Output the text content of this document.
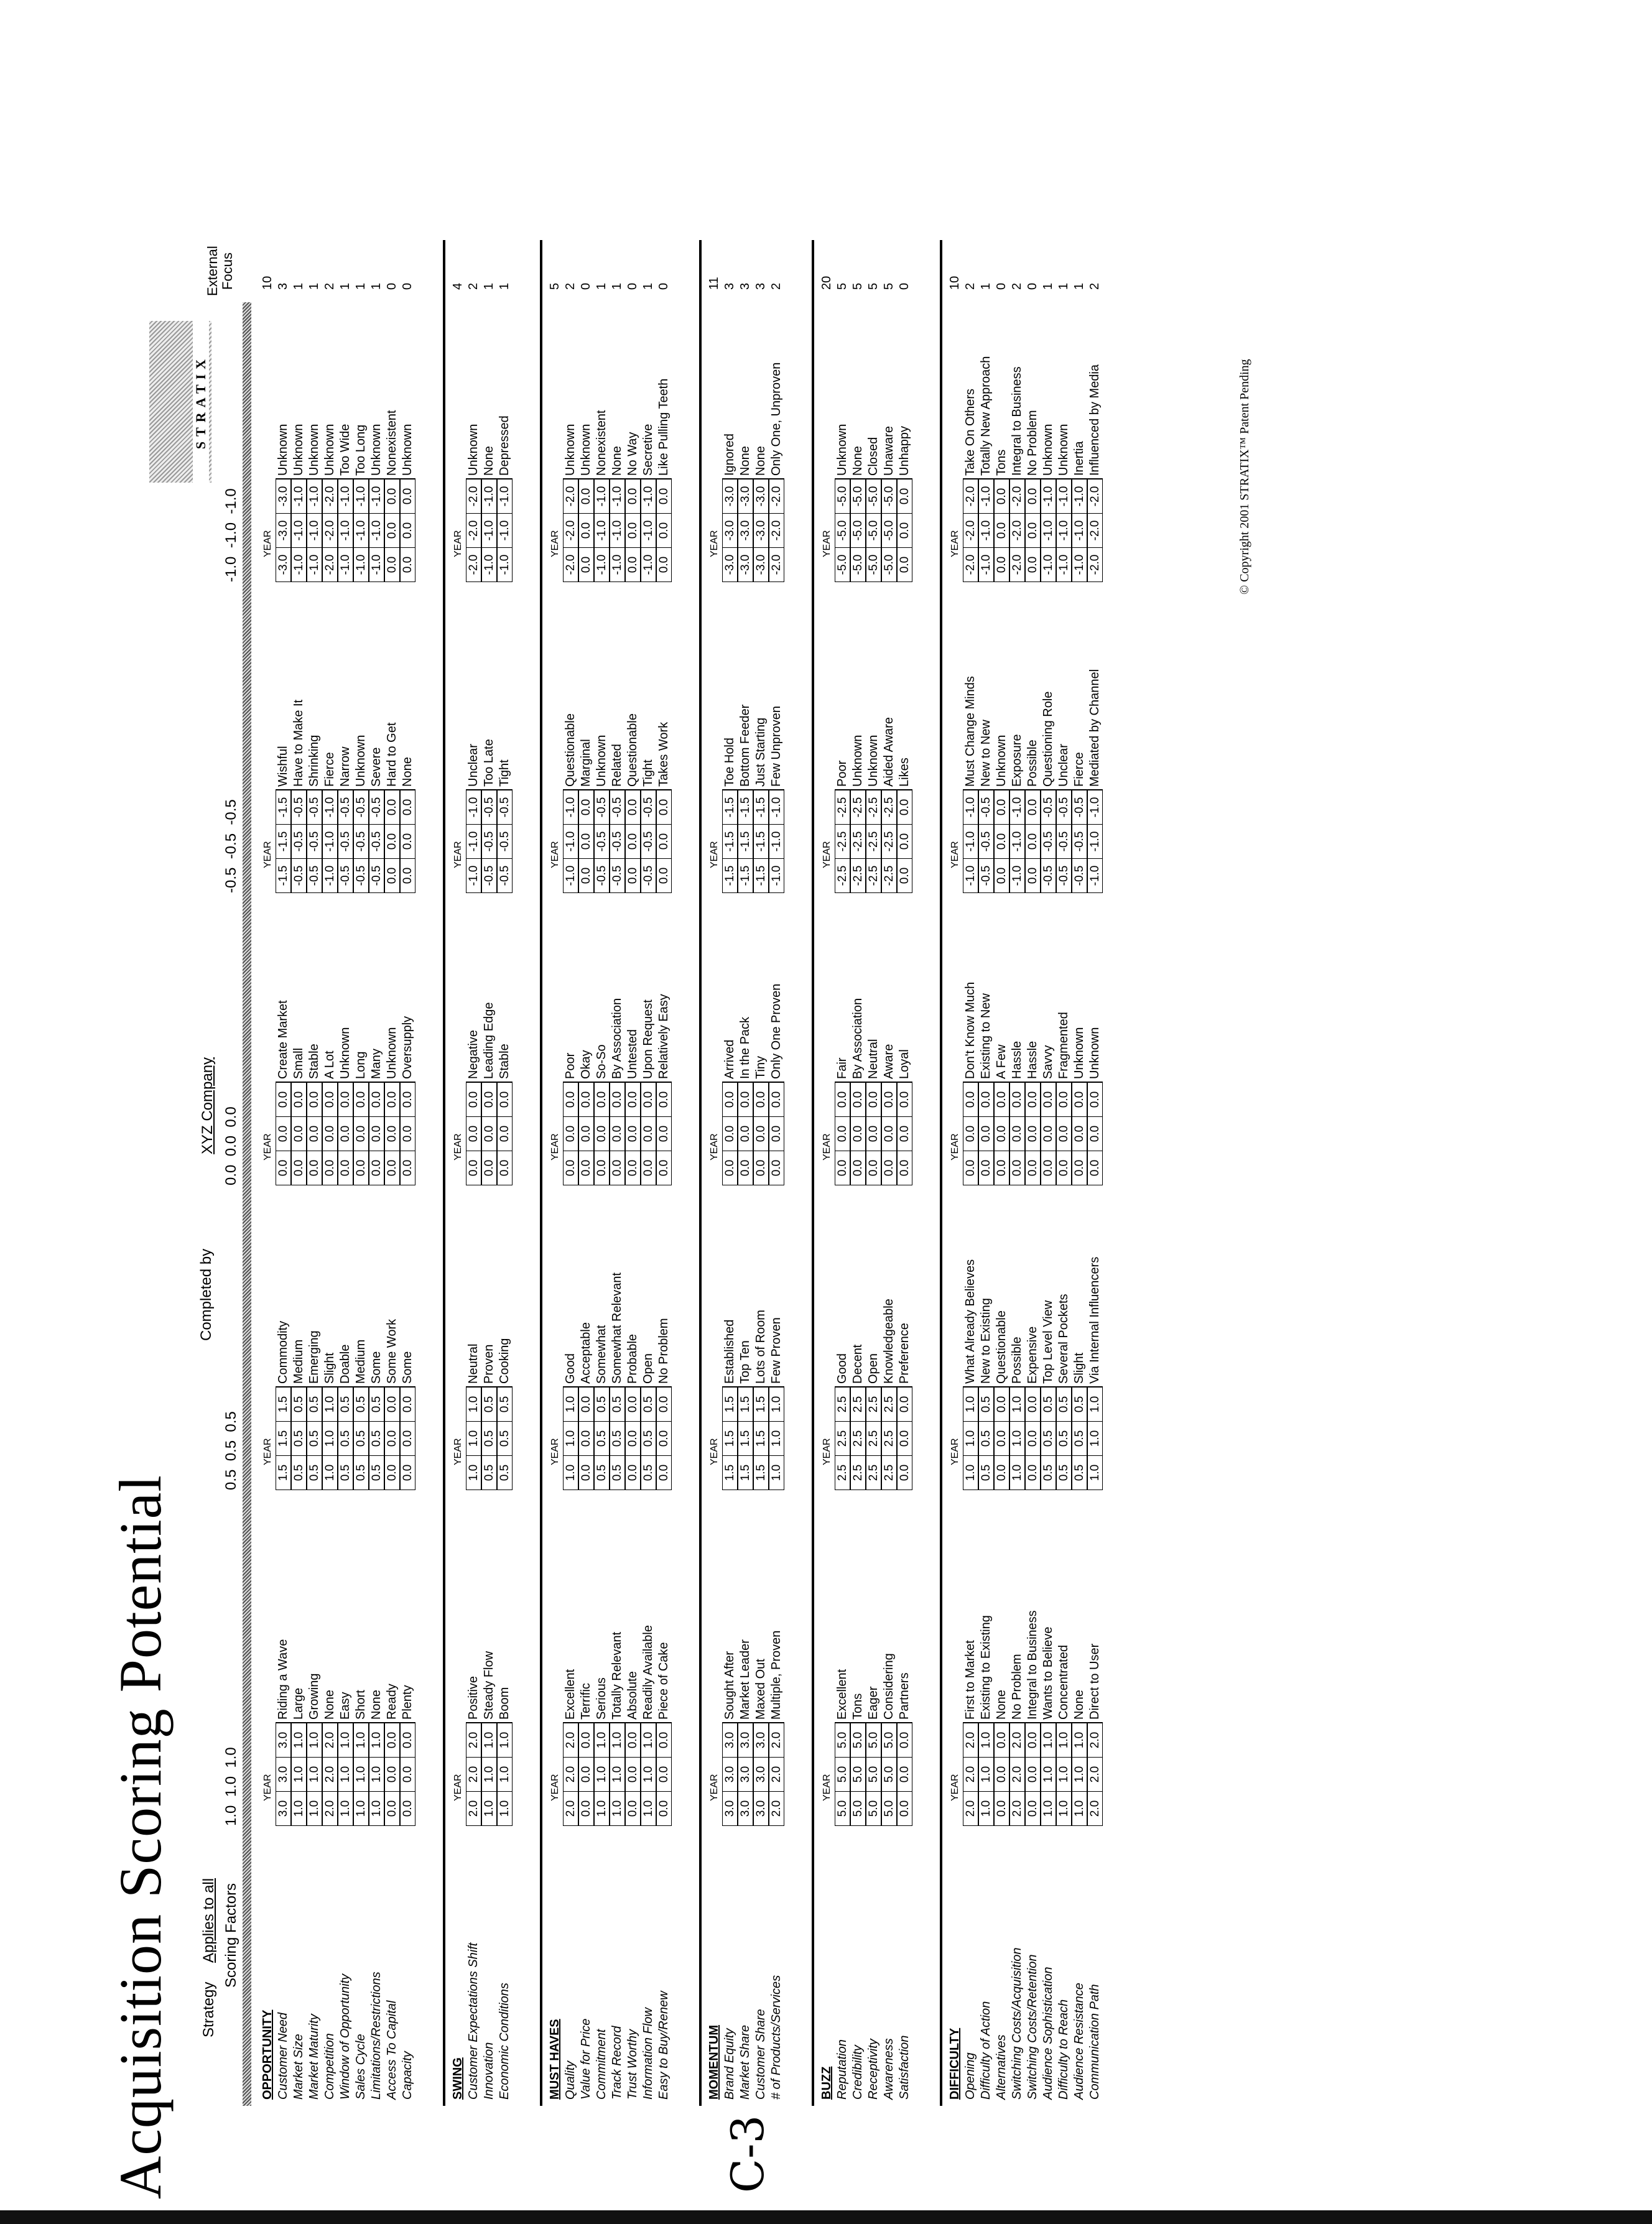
Acquisition Scoring Potential Strategy
Applies to all
Completed by
XYZ Company
Scoring Factors
1.0  1.0  1.0
0.5  0.5  0.5
0.0  0.0  0.0
-0.5  -0.5  -0.5
-1.0  -1.0  -1.0
STRATIX
External Focus
OPPORTUNITY
YEAR
YEAR
YEAR
YEAR
YEAR
10
Customer Need
3.0
3.0
3.0
Riding a Wave
1.5
1.5
1.5
Commodity
0.0
0.0
0.0
Create Market
-1.5
-1.5
-1.5
Wishful
-3.0
-3.0
-3.0
Unknown
3
Market Size
1.0
1.0
1.0
Large
0.5
0.5
0.5
Medium
0.0
0.0
0.0
Small
-0.5
-0.5
-0.5
Have to Make It
-1.0
-1.0
-1.0
Unknown
1
Market Maturity
1.0
1.0
1.0
Growing
0.5
0.5
0.5
Emerging
0.0
0.0
0.0
Stable
-0.5
-0.5
-0.5
Shrinking
-1.0
-1.0
-1.0
Unknown
1
Competition
2.0
2.0
2.0
None
1.0
1.0
1.0
Slight
0.0
0.0
0.0
A Lot
-1.0
-1.0
-1.0
Fierce
-2.0
-2.0
-2.0
Unknown
2
Window of Opportunity
1.0
1.0
1.0
Easy
0.5
0.5
0.5
Doable
0.0
0.0
0.0
Unknown
-0.5
-0.5
-0.5
Narrow
-1.0
-1.0
-1.0
Too Wide
1
Sales Cycle
1.0
1.0
1.0
Short
0.5
0.5
0.5
Medium
0.0
0.0
0.0
Long
-0.5
-0.5
-0.5
Unknown
-1.0
-1.0
-1.0
Too Long
1
Limitations/Restrictions
1.0
1.0
1.0
None
0.5
0.5
0.5
Some
0.0
0.0
0.0
Many
-0.5
-0.5
-0.5
Severe
-1.0
-1.0
-1.0
Unknown
1
Access To Capital
0.0
0.0
0.0
Ready
0.0
0.0
0.0
Some Work
0.0
0.0
0.0
Unknown
0.0
0.0
0.0
Hard to Get
0.0
0.0
0.0
Nonexistent
0
Capacity
0.0
0.0
0.0
Plenty
0.0
0.0
0.0
Some
0.0
0.0
0.0
Oversupply
0.0
0.0
0.0
None
0.0
0.0
0.0
Unknown
0
SWING
YEAR
YEAR
YEAR
YEAR
YEAR
4
Customer Expectations Shift
2.0
2.0
2.0
Positive
1.0
1.0
1.0
Neutral
0.0
0.0
0.0
Negative
-1.0
-1.0
-1.0
Unclear
-2.0
-2.0
-2.0
Unknown
2
Innovation
1.0
1.0
1.0
Steady Flow
0.5
0.5
0.5
Proven
0.0
0.0
0.0
Leading Edge
-0.5
-0.5
-0.5
Too Late
-1.0
-1.0
-1.0
None
1
Economic Conditions
1.0
1.0
1.0
Boom
0.5
0.5
0.5
Cooking
0.0
0.0
0.0
Stable
-0.5
-0.5
-0.5
Tight
-1.0
-1.0
-1.0
Depressed
1
MUST HAVES
YEAR
YEAR
YEAR
YEAR
YEAR
5
Quality
2.0
2.0
2.0
Excellent
1.0
1.0
1.0
Good
0.0
0.0
0.0
Poor
-1.0
-1.0
-1.0
Questionable
-2.0
-2.0
-2.0
Unknown
2
Value for Price
0.0
0.0
0.0
Terrific
0.0
0.0
0.0
Acceptable
0.0
0.0
0.0
Okay
0.0
0.0
0.0
Marginal
0.0
0.0
0.0
Unknown
0
Commitment
1.0
1.0
1.0
Serious
0.5
0.5
0.5
Somewhat
0.0
0.0
0.0
So-So
-0.5
-0.5
-0.5
Unknown
-1.0
-1.0
-1.0
Nonexistent
1
Track Record
1.0
1.0
1.0
Totally Relevant
0.5
0.5
0.5
Somewhat Relevant
0.0
0.0
0.0
By Association
-0.5
-0.5
-0.5
Related
-1.0
-1.0
-1.0
None
1
Trust Worthy
0.0
0.0
0.0
Absolute
0.0
0.0
0.0
Probable
0.0
0.0
0.0
Untested
0.0
0.0
0.0
Questionable
0.0
0.0
0.0
No Way
0
Information Flow
1.0
1.0
1.0
Readily Available
0.5
0.5
0.5
Open
0.0
0.0
0.0
Upon Request
-0.5
-0.5
-0.5
Tight
-1.0
-1.0
-1.0
Secretive
1
Easy to Buy/Renew
0.0
0.0
0.0
Piece of Cake
0.0
0.0
0.0
No Problem
0.0
0.0
0.0
Relatively Easy
0.0
0.0
0.0
Takes Work
0.0
0.0
0.0
Like Pulling Teeth
0
MOMENTUM
YEAR
YEAR
YEAR
YEAR
YEAR
11
Brand Equity
3.0
3.0
3.0
Sought After
1.5
1.5
1.5
Established
0.0
0.0
0.0
Arrived
-1.5
-1.5
-1.5
Toe Hold
-3.0
-3.0
-3.0
Ignored
3
Market Share
3.0
3.0
3.0
Market Leader
1.5
1.5
1.5
Top Ten
0.0
0.0
0.0
In the Pack
-1.5
-1.5
-1.5
Bottom Feeder
-3.0
-3.0
-3.0
None
3
Customer Share
3.0
3.0
3.0
Maxed Out
1.5
1.5
1.5
Lots of Room
0.0
0.0
0.0
Tiny
-1.5
-1.5
-1.5
Just Starting
-3.0
-3.0
-3.0
None
3
# of Products/Services
2.0
2.0
2.0
Multiple, Proven
1.0
1.0
1.0
Few Proven
0.0
0.0
0.0
Only One Proven
-1.0
-1.0
-1.0
Few Unproven
-2.0
-2.0
-2.0
Only One, Unproven
2
BUZZ
YEAR
YEAR
YEAR
YEAR
YEAR
20
Reputation
5.0
5.0
5.0
Excellent
2.5
2.5
2.5
Good
0.0
0.0
0.0
Fair
-2.5
-2.5
-2.5
Poor
-5.0
-5.0
-5.0
Unknown
5
Credibility
5.0
5.0
5.0
Tons
2.5
2.5
2.5
Decent
0.0
0.0
0.0
By Association
-2.5
-2.5
-2.5
Unknown
-5.0
-5.0
-5.0
None
5
Receptivity
5.0
5.0
5.0
Eager
2.5
2.5
2.5
Open
0.0
0.0
0.0
Neutral
-2.5
-2.5
-2.5
Unknown
-5.0
-5.0
-5.0
Closed
5
Awareness
5.0
5.0
5.0
Considering
2.5
2.5
2.5
Knowledgeable
0.0
0.0
0.0
Aware
-2.5
-2.5
-2.5
Aided Aware
-5.0
-5.0
-5.0
Unaware
5
Satisfaction
0.0
0.0
0.0
Partners
0.0
0.0
0.0
Preference
0.0
0.0
0.0
Loyal
0.0
0.0
0.0
Likes
0.0
0.0
0.0
Unhappy
0
DIFFICULTY
YEAR
YEAR
YEAR
YEAR
YEAR
10
Opening
2.0
2.0
2.0
First to Market
1.0
1.0
1.0
What Already Believes
0.0
0.0
0.0
Don't Know Much
-1.0
-1.0
-1.0
Must Change Minds
-2.0
-2.0
-2.0
Take On Others
2
Difficulty of Action
1.0
1.0
1.0
Existing to Existing
0.5
0.5
0.5
New to Existing
0.0
0.0
0.0
Existing to New
-0.5
-0.5
-0.5
New to New
-1.0
-1.0
-1.0
Totally New Approach
1
Alternatives
0.0
0.0
0.0
None
0.0
0.0
0.0
Questionable
0.0
0.0
0.0
A Few
0.0
0.0
0.0
Unknown
0.0
0.0
0.0
Tons
0
Switching Costs/Acquisition
2.0
2.0
2.0
No Problem
1.0
1.0
1.0
Possible
0.0
0.0
0.0
Hassle
-1.0
-1.0
-1.0
Exposure
-2.0
-2.0
-2.0
Integral to Business
2
Switching Costs/Retention
0.0
0.0
0.0
Integral to Business
0.0
0.0
0.0
Expensive
0.0
0.0
0.0
Hassle
0.0
0.0
0.0
Possible
0.0
0.0
0.0
No Problem
0
Audience Sophistication
1.0
1.0
1.0
Wants to Believe
0.5
0.5
0.5
Top Level View
0.0
0.0
0.0
Savvy
-0.5
-0.5
-0.5
Questioning Role
-1.0
-1.0
-1.0
Unknown
1
Difficulty to Reach
1.0
1.0
1.0
Concentrated
0.5
0.5
0.5
Several Pockets
0.0
0.0
0.0
Fragmented
-0.5
-0.5
-0.5
Unclear
-1.0
-1.0
-1.0
Unknown
1
Audience Resistance
1.0
1.0
1.0
None
0.5
0.5
0.5
Slight
0.0
0.0
0.0
Unknown
-0.5
-0.5
-0.5
Fierce
-1.0
-1.0
-1.0
Inertia
1
Communication Path
2.0
2.0
2.0
Direct to User
1.0
1.0
1.0
Via Internal Influencers
0.0
0.0
0.0
Unknown
-1.0
-1.0
-1.0
Mediated by Channel
-2.0
-2.0
-2.0
Influenced by Media
2
© Copyright 2001 STRATIX™ Patent Pending
C-3
